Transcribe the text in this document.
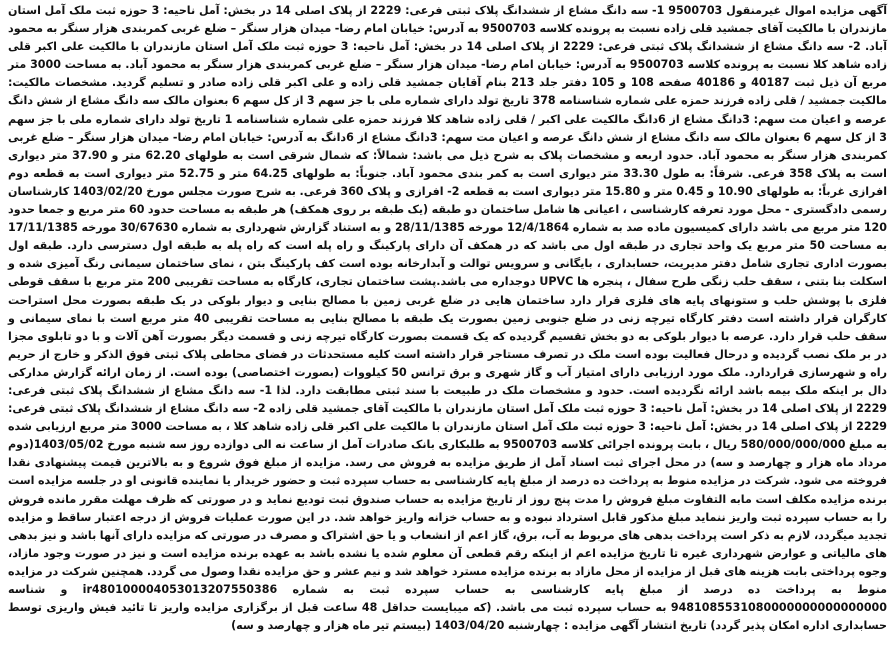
آگهی مزایده اموال غیرمنقول 9500703 1- سه دانگ مشاع از ششدانگ پلاک ثبتی فرعی: 2229 از پلاک اصلی 14 در بخش: آمل ناحیه: 3 حوزه ثبت ملک آمل استان مازندران با مالکیت آقای جمشید قلی زاده نسبت به پرونده کلاسه 9500703 به آدرس: خیابان امام رضا- میدان هزار سنگر – ضلع غربی کمربندی هزار سنگر به محمود آباد. 2- سه دانگ مشاع از ششدانگ پلاک ثبتی فرعی: 2229 از پلاک اصلی 14 در بخش: آمل ناحیه: 3 حوزه ثبت ملک آمل استان مازندران با مالکیت علی اکبر قلی زاده شاهد کلا نسبت به پرونده کلاسه 9500703 به آدرس: خیابان امام رضا- میدان هزار سنگر – ضلع غربی کمربندی هزار سنگر به محمود آباد. به مساحت 3000 متر مربع آن ذیل ثبت 40187 و 40186 صفحه 108 و 105 دفتر جلد 213 بنام آقایان جمشید قلی زاده و علی اکبر قلی زاده صادر و تسلیم گردید. مشخصات مالکیت: مالکیت جمشید / قلی زاده فرزند حمزه علی شماره شناسنامه 378 تاریخ تولد دارای شماره ملی با جز سهم 3 از کل سهم 6 بعنوان مالک سه دانگ مشاع از شش دانگ عرصه و اعیان مت سهم: 3دانگ مشاع از 6دانگ مالکیت علی اکبر / قلی زاده شاهد کلا فرزند حمزه علی شماره شناسنامه 1 تاریخ تولد دارای شماره ملی با جز سهم 3 از کل سهم 6 بعنوان مالک سه دانگ مشاع از شش دانگ عرصه و اعیان مت سهم: 3دانگ مشاع از 6دانگ به آدرس: خیابان امام رضا- میدان هزار سنگر – ضلع غربی کمربندی هزار سنگر به محمود آباد. حدود اربعه و مشخصات پلاک به شرح ذیل می باشد: شمالاً: که شمال شرقی است به طولهای 62.20 متر و 37.90 متر دیواری است به پلاک 358 فرعی. شرقاً: به طول 33.30 متر دیواری است به کمر بندی محمود آباد. جنوباً: به طولهای 64.25 متر و 52.75 متر دیواری است به قطعه دوم افرازی غرباً: به طولهای 10.90 و 0.45 متر و 15.80 متر دیواری است به قطعه 2- افرازی و پلاک 360 فرعی. به شرح صورت مجلس مورخ 1403/02/20 کارشناسان رسمی دادگستری - محل مورد تعرفه کارشناسی ، اعیانی ها شامل ساختمان دو طبقه (یک طبقه بر روی همکف) هر طبقه به مساحت حدود 60 متر مربع و جمعا حدود 120 متر مربع می باشد دارای کمیسیون ماده صد به شماره 12/4/1864 مورخه 28/11/1385 و به استناد گزارش شهرداری به شماره 30/67630 مورخه 17/11/1385 به مساحت 50 متر مربع یک واحد تجاری در طبقه اول می باشد که در همکف آن دارای پارکینگ و راه پله است که راه پله به طبقه اول دسترسی دارد. طبقه اول بصورت اداری تجاری شامل دفتر مدیریت، حسابداری ، بایگانی و سرویس توالت و آبدارخانه بوده است کف پارکینگ بتن ، نمای ساختمان سیمانی رنگ آمیزی شده و اسکلت بنا بتنی ، سقف حلب زنگی طرح سفال ، پنجره ها UPVC دوجداره می باشد.پشت ساختمان تجاری، کارگاه به مساحت تقریبی 200 متر مربع با سقف قوطی فلزی با پوشش حلب و ستونهای پایه های فلزی قرار دارد ساختمان هایی در ضلع غربی زمین با مصالح بنایی و دیوار بلوکی در یک طبقه بصورت محل استراحت کارگران قرار داشته است دفتر کارگاه تیرچه زنی در ضلع جنوبی زمین بصورت یک طبقه با مصالح بنایی به مساحت تقریبی 40 متر مربع است با نمای سیمانی و سقف حلب قرار دارد. عرصه با دیوار بلوکی به دو بخش تقسیم گردیده که یک قسمت بصورت کارگاه تیرچه زنی و قسمت دیگر بصورت آهن آلات و با دو تابلوی مجزا در بر ملک نصب گردیده و درحال فعالیت بوده است ملک در تصرف مستاجر قرار داشته است کلیه مستحدثات در فضای محاطی پلاک ثبتی فوق الذکر و خارج از حریم راه و شهرسازی قراردارد. ملک مورد ارزیابی دارای امتیاز آب و گاز شهری و برق ترانس 50 کیلووات (بصورت اختصاصی) بوده است. از زمان ارائه گزارش مدارکی دال بر اینکه ملک بیمه باشد ارائه نگردیده است. حدود و مشخصات ملک در طبیعت با سند ثبتی مطابقت دارد. لذا 1- سه دانگ مشاع از ششدانگ پلاک ثبتی فرعی: 2229 از پلاک اصلی 14 در بخش: آمل ناحیه: 3 حوزه ثبت ملک آمل استان مازندران با مالکیت آقای جمشید قلی زاده 2- سه دانگ مشاع از ششدانگ پلاک ثبتی فرعی: 2229 از پلاک اصلی 14 در بخش: آمل ناحیه: 3 حوزه ثبت ملک آمل استان مازندران با مالکیت علی اکبر قلی زاده شاهد کلا ، به مساحت 3000 متر مربع ارزیابی شده به مبلغ 580/000/000/000 ریال ، بابت پرونده اجرائی کلاسه 9500703 به طلبکاری بانک صادرات آمل از ساعت نه الی دوازده روز سه شنبه مورخ 1403/05/02(دوم مرداد ماه هزار و چهارصد و سه) در محل اجرای ثبت اسناد آمل از طریق مزایده به فروش می رسد. مزایده از مبلغ فوق شروع و به بالاترین قیمت پیشنهادی نقدا فروخته می شود. شرکت در مزایده منوط به پرداخت ده درصد از مبلغ پایه کارشناسی به حساب سپرده ثبت و حضور خریدار یا نماینده قانونی او در جلسه مزایده است برنده مزایده مکلف است مابه التفاوت مبلغ فروش را مدت پنج روز از تاریخ مزایده به حساب صندوق ثبت تودیع نماید و در صورتی که ظرف مهلت مقرر مانده فروش را به حساب سپرده ثبت واریز ننماید مبلغ مذکور قابل استرداد نبوده و به حساب خزانه واریز خواهد شد. در این صورت عملیات فروش از درجه اعتبار ساقط و مزایده تجدید میگردد، لازم به ذکر است پرداخت بدهی های مربوط به آب، برق، گاز اعم از انشعاب و یا حق اشتراک و مصرف در صورتی که مزایده دارای آنها باشد و نیز بدهی های مالیاتی و عوارض شهرداری غیره تا تاریخ مزایده اعم از اینکه رقم قطعی آن معلوم شده یا نشده باشد به عهده برنده مزایده است و نیز در صورت وجود مازاد، وجوه پرداختی بابت هزینه های قبل از مزایده از محل مازاد به برنده مزایده مسترد خواهد شد و نیم عشر و حق مزایده نقدا وصول می گردد. همچنین شرکت در مزایده منوط به پرداخت ده درصد از مبلغ پایه کارشناسی به حساب سپرده ثبت به شماره ir480100004053013207550386 و شناسه 9481085531080000000000000000 به حساب سپرده ثبت می باشد. (که میبایست حداقل 48 ساعت قبل از برگزاری مزایده واریز تا تائید فیش واریزی توسط حسابداری اداره امکان پذیر گردد) تاریخ انتشار آگهی مزایده : چهارشنبه 1403/04/20 (بیستم تیر ماه هزار و چهارصد و سه)
